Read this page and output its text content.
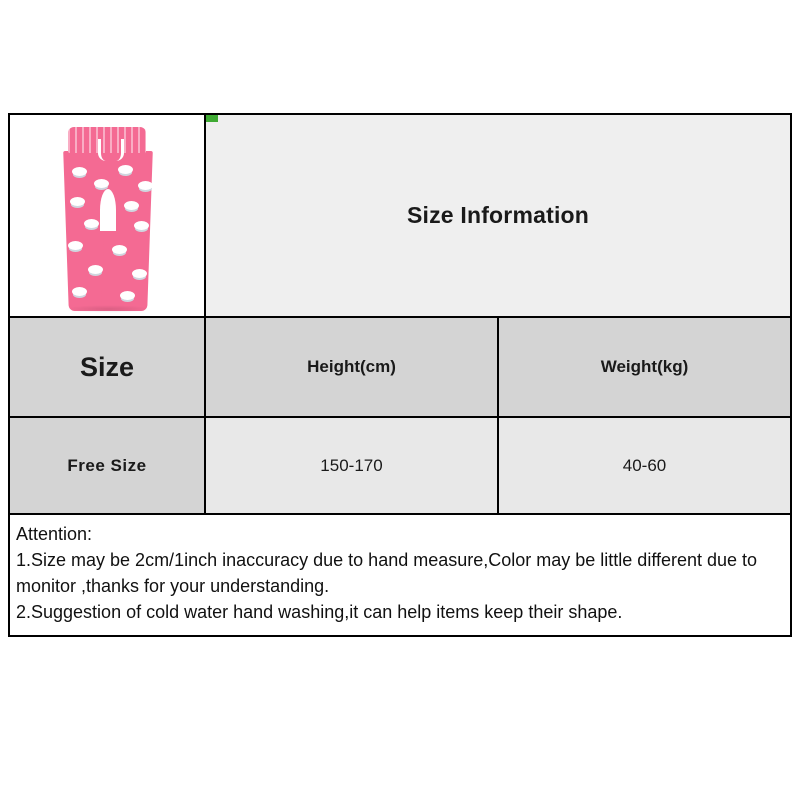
Size Information
Size	Height(cm)	Weight(kg)
Free Size	150-170	40-60
Attention:
1.Size may be 2cm/1inch inaccuracy due to hand measure,Color may be little different due to monitor ,thanks for your understanding.
2.Suggestion of cold water hand washing,it can help items keep their shape.
